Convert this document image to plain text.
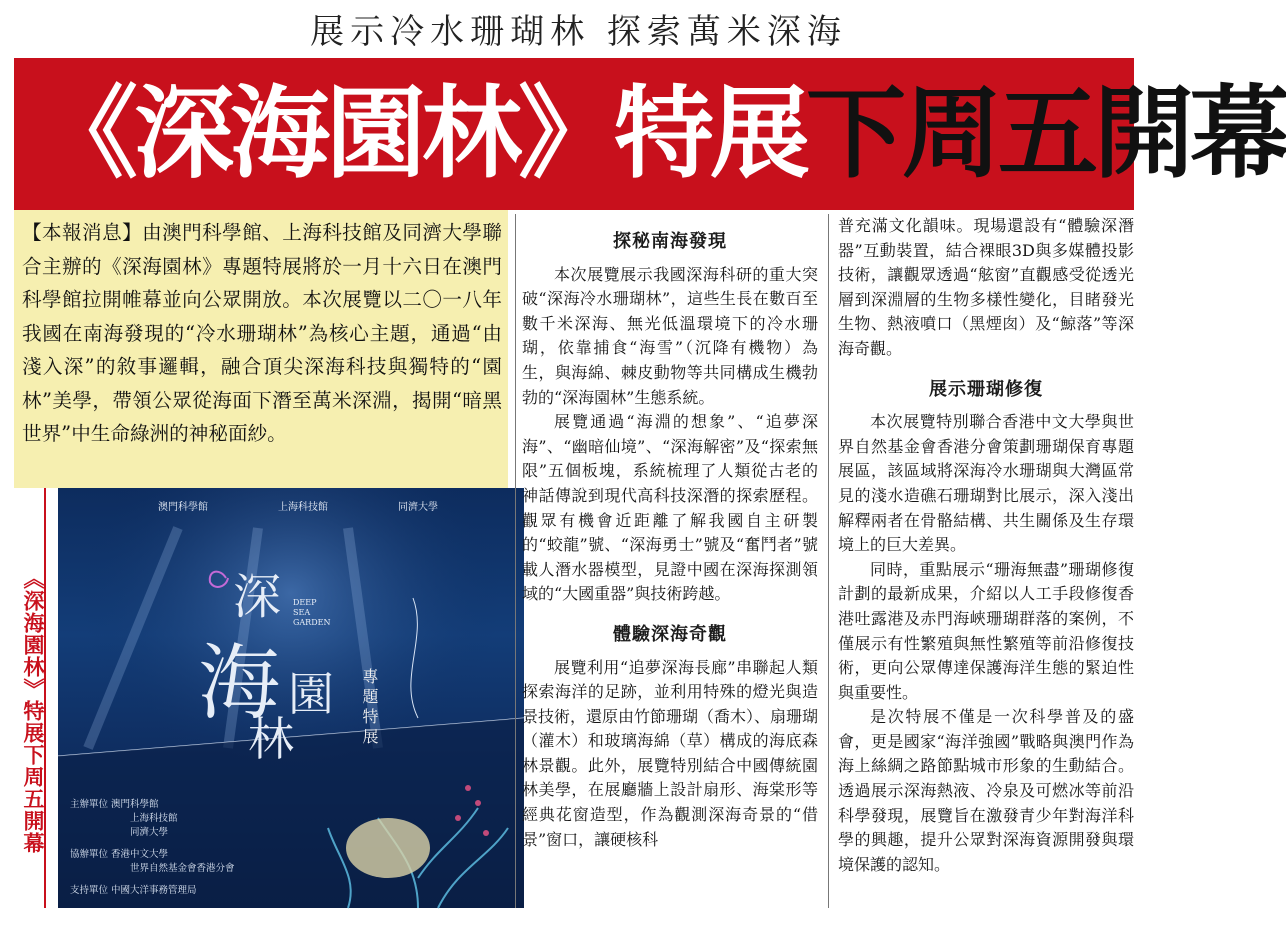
展示冷水珊瑚林 探索萬米深海
《深海園林》特展下周五開幕
【本報消息】由澳門科學館、上海科技館及同濟大學聯合主辦的《深海園林》專題特展將於一月十六日在澳門科學館拉開帷幕並向公眾開放。本次展覽以二〇一八年我國在南海發現的“冷水珊瑚林”為核心主題，通過“由淺入深”的敘事邏輯，融合頂尖深海科技與獨特的“園林”美學，帶領公眾從海面下潛至萬米深淵，揭開“暗黑世界”中生命綠洲的神秘面紗。
《深海園林》特展下周五開幕
澳門科學館	上海科技館	同濟大學
深
海 園
林
DEEP SEA GARDEN
專題特展
主辦單位 澳門科學館
上海科技館
同濟大學
協辦單位 香港中文大學
世界自然基金會香港分會
支持單位 中國大洋事務管理局
探秘南海發現
本次展覽展示我國深海科研的重大突破“深海冷水珊瑚林”，這些生長在數百至數千米深海、無光低溫環境下的冷水珊瑚，依靠捕食“海雪”（沉降有機物）為生，與海綿、棘皮動物等共同構成生機勃勃的“深海園林”生態系統。
展覽通過“海淵的想象”、“追夢深海”、“幽暗仙境”、“深海解密”及“探索無限”五個板塊，系統梳理了人類從古老的神話傳說到現代高科技深潛的探索歷程。觀眾有機會近距離了解我國自主研製的“蛟龍”號、“深海勇士”號及“奮鬥者”號載人潛水器模型，見證中國在深海探測領域的“大國重器”與技術跨越。
體驗深海奇觀
展覽利用“追夢深海長廊”串聯起人類探索海洋的足跡，並利用特殊的燈光與造景技術，還原由竹節珊瑚（喬木）、扇珊瑚（灌木）和玻璃海綿（草）構成的海底森林景觀。此外，展覽特別結合中國傳統園林美學，在展廳牆上設計扇形、海棠形等經典花窗造型，作為觀測深海奇景的“借景”窗口，讓硬核科
普充滿文化韻味。現場還設有“體驗深潛器”互動裝置，結合裸眼3D與多媒體投影技術，讓觀眾透過“舷窗”直觀感受從透光層到深淵層的生物多樣性變化，目睹發光生物、熱液噴口（黑煙囱）及“鯨落”等深海奇觀。
展示珊瑚修復
本次展覽特別聯合香港中文大學與世界自然基金會香港分會策劃珊瑚保育專題展區，該區域將深海冷水珊瑚與大灣區常見的淺水造礁石珊瑚對比展示，深入淺出解釋兩者在骨骼結構、共生關係及生存環境上的巨大差異。
同時，重點展示“珊海無盡”珊瑚修復計劃的最新成果，介紹以人工手段修復香港吐露港及赤門海峽珊瑚群落的案例，不僅展示有性繁殖與無性繁殖等前沿修復技術，更向公眾傳達保護海洋生態的緊迫性與重要性。
是次特展不僅是一次科學普及的盛會，更是國家“海洋強國”戰略與澳門作為海上絲綢之路節點城市形象的生動結合。透過展示深海熱液、冷泉及可燃冰等前沿科學發現，展覽旨在激發青少年對海洋科學的興趣，提升公眾對深海資源開發與環境保護的認知。
